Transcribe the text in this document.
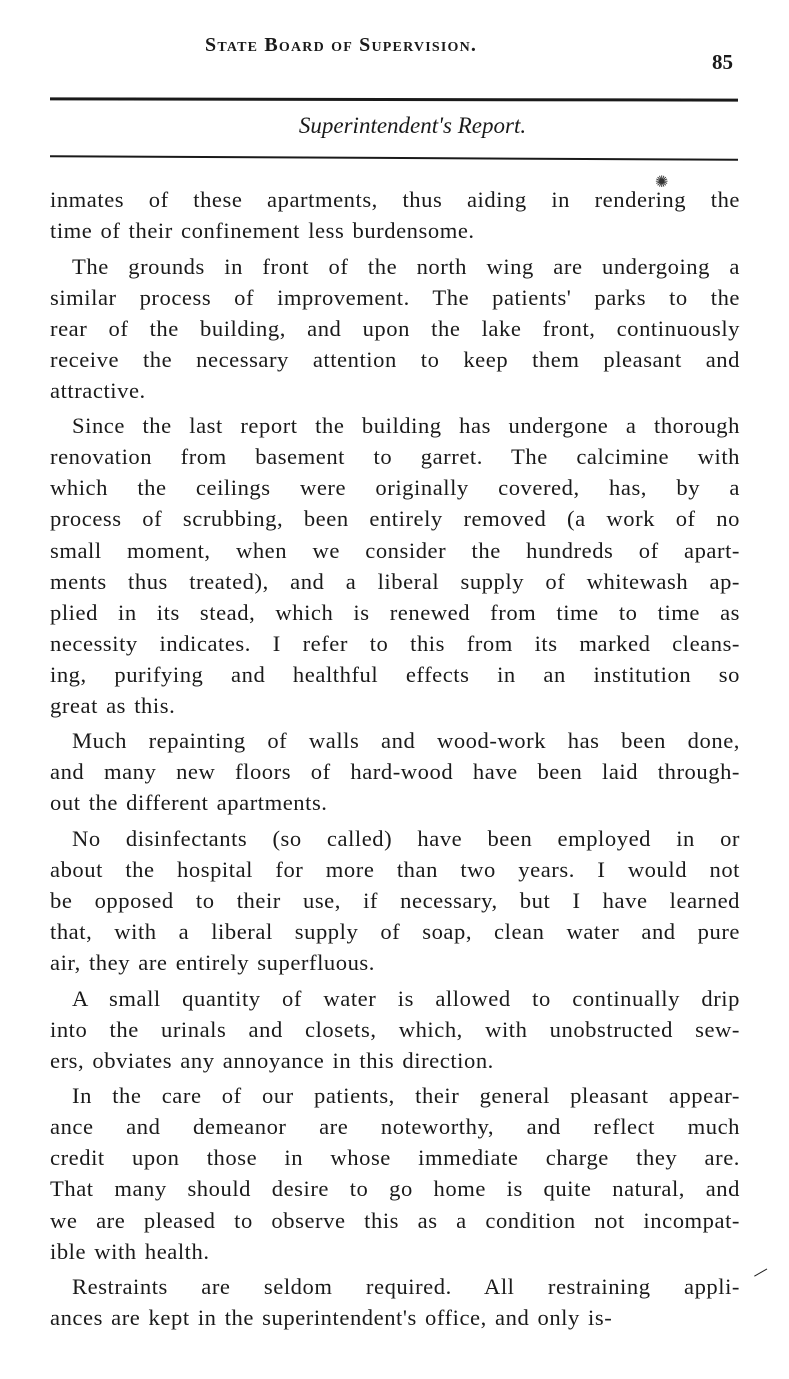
State Board of Supervision.
85
Superintendent's Report.
✺
—
inmates of these apartments, thus aiding in rendering the
time of their confinement less burdensome.
The grounds in front of the north wing are undergoing a
similar process of improvement. The patients' parks to the
rear of the building, and upon the lake front, continuously
receive the necessary attention to keep them pleasant and
attractive.
Since the last report the building has undergone a thorough
renovation from basement to garret. The calcimine with
which the ceilings were originally covered, has, by a
process of scrubbing, been entirely removed (a work of no
small moment, when we consider the hundreds of apart-
ments thus treated), and a liberal supply of whitewash ap-
plied in its stead, which is renewed from time to time as
necessity indicates. I refer to this from its marked cleans-
ing, purifying and healthful effects in an institution so
great as this.
Much repainting of walls and wood-work has been done,
and many new floors of hard-wood have been laid through-
out the different apartments.
No disinfectants (so called) have been employed in or
about the hospital for more than two years. I would not
be opposed to their use, if necessary, but I have learned
that, with a liberal supply of soap, clean water and pure
air, they are entirely superfluous.
A small quantity of water is allowed to continually drip
into the urinals and closets, which, with unobstructed sew-
ers, obviates any annoyance in this direction.
In the care of our patients, their general pleasant appear-
ance and demeanor are noteworthy, and reflect much
credit upon those in whose immediate charge they are.
That many should desire to go home is quite natural, and
we are pleased to observe this as a condition not incompat-
ible with health.
Restraints are seldom required. All restraining appli-
ances are kept in the superintendent's office, and only is-
